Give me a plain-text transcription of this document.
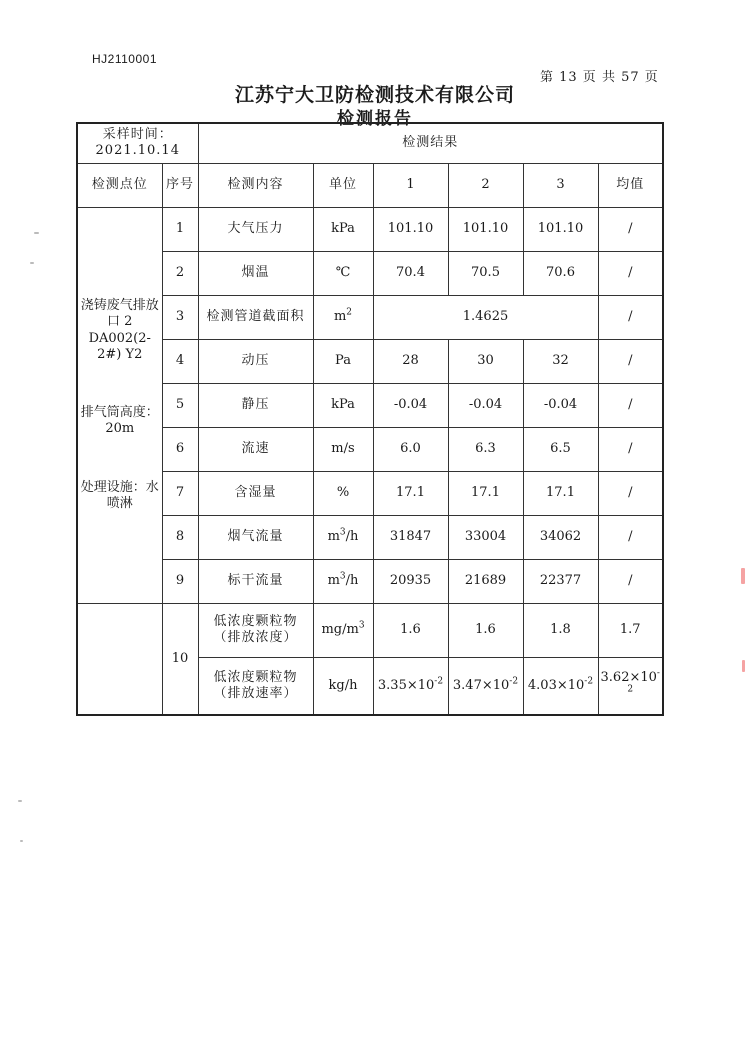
HJ2110001
第 13 页 共 57 页
江苏宁大卫防检测技术有限公司
检测报告
采样时间：
2021.10.14		检测结果					
检测点位	序号	检测内容	单位	1	2	3	均值

浇铸废气排放口 2 DA002(2-2#) Y2
排气筒高度：20m
处理设施：水喷淋	1	大气压力	kPa	101.10	101.10	101.10	/
	2	烟温	℃	70.4	70.5	70.6	/
	3	检测管道截面积	$m^2$	1.4625			/
	4	动压	Pa	28	30	32	/
	5	静压	kPa	-0.04	-0.04	-0.04	/
	6	流速	m/s	6.0	6.3	6.5	/
	7	含湿量	%	17.1	17.1	17.1	/
	8	烟气流量	$m^3/h$	31847	33004	34062	/
	9	标干流量	$m^3/h$	20935	21689	22377	/
	10	低浓度颗粒物（排放浓度）	$mg/m^3$	1.6	1.6	1.8	1.7
		低浓度颗粒物（排放速率）	kg/h	$3.35\times 10^{-2}$	$3.47\times 10^{-2}$	$4.03\times 10^{-2}$	$3.62\times 10^{-2}$
